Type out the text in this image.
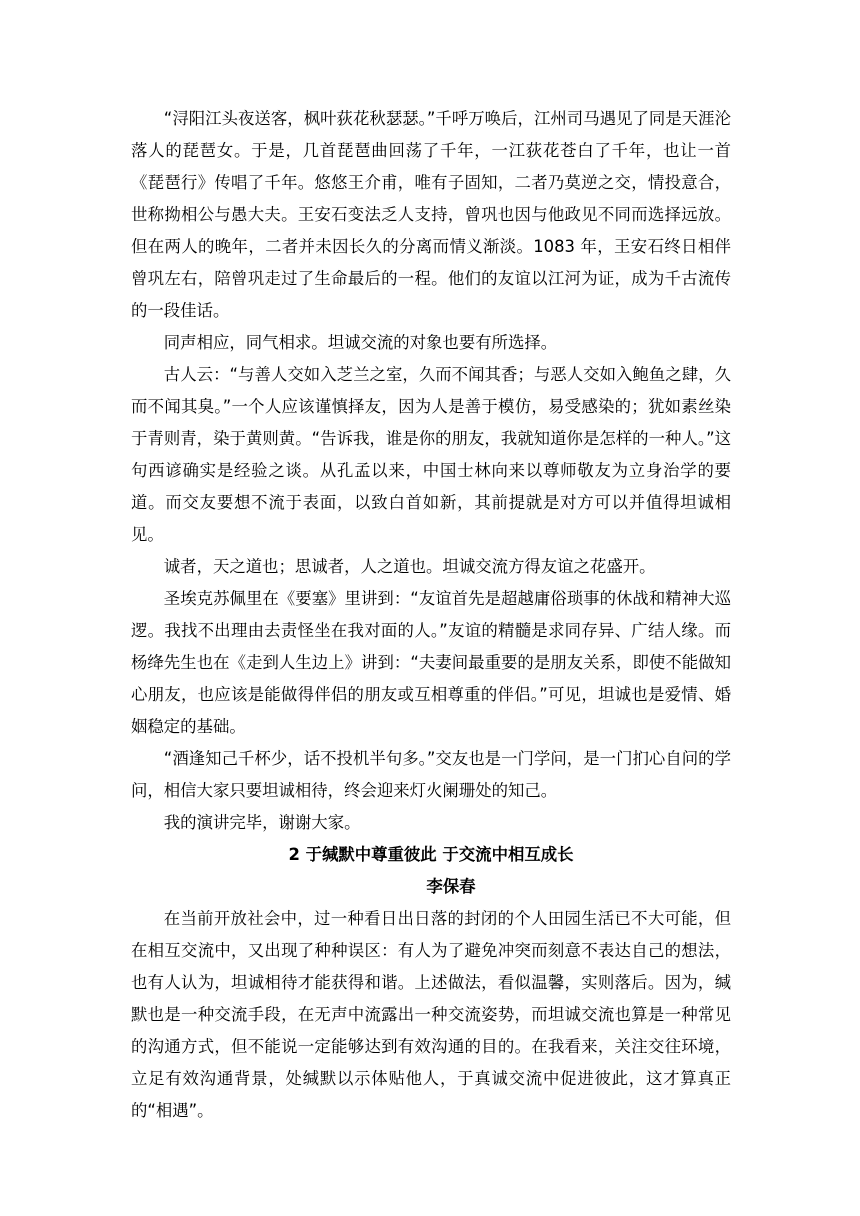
“浔阳江头夜送客，枫叶荻花秋瑟瑟。”千呼万唤后，江州司马遇见了同是天涯沦落人的琵琶女。于是，几首琵琶曲回荡了千年，一江荻花苍白了千年，也让一首《琵琶行》传唱了千年。悠悠王介甫，唯有子固知，二者乃莫逆之交，情投意合，世称拗相公与愚大夫。王安石变法乏人支持，曾巩也因与他政见不同而选择远放。但在两人的晚年，二者并未因长久的分离而情义渐淡。1083 年，王安石终日相伴曾巩左右，陪曾巩走过了生命最后的一程。他们的友谊以江河为证，成为千古流传的一段佳话。

同声相应，同气相求。坦诚交流的对象也要有所选择。

古人云：“与善人交如入芝兰之室，久而不闻其香；与恶人交如入鲍鱼之肆，久而不闻其臭。”一个人应该谨慎择友，因为人是善于模仿，易受感染的；犹如素丝染于青则青，染于黄则黄。“告诉我，谁是你的朋友，我就知道你是怎样的一种人。”这句西谚确实是经验之谈。从孔孟以来，中国士林向来以尊师敬友为立身治学的要道。而交友要想不流于表面，以致白首如新，其前提就是对方可以并值得坦诚相见。

诚者，天之道也；思诚者，人之道也。坦诚交流方得友谊之花盛开。

圣埃克苏佩里在《要塞》里讲到：“友谊首先是超越庸俗琐事的休战和精神大巡逻。我找不出理由去责怪坐在我对面的人。”友谊的精髓是求同存异、广结人缘。而杨绛先生也在《走到人生边上》讲到：“夫妻间最重要的是朋友关系，即使不能做知心朋友，也应该是能做得伴侣的朋友或互相尊重的伴侣。”可见，坦诚也是爱情、婚姻稳定的基础。

“酒逢知己千杯少，话不投机半句多。”交友也是一门学问，是一门扪心自问的学问，相信大家只要坦诚相待，终会迎来灯火阑珊处的知己。

我的演讲完毕，谢谢大家。

2 于缄默中尊重彼此 于交流中相互成长
李保春

在当前开放社会中，过一种看日出日落的封闭的个人田园生活已不大可能，但在相互交流中，又出现了种种误区：有人为了避免冲突而刻意不表达自己的想法，也有人认为，坦诚相待才能获得和谐。上述做法，看似温馨，实则落后。因为，缄默也是一种交流手段，在无声中流露出一种交流姿势，而坦诚交流也算是一种常见的沟通方式，但不能说一定能够达到有效沟通的目的。在我看来，关注交往环境，立足有效沟通背景，处缄默以示体贴他人，于真诚交流中促进彼此，这才算真正的“相遇”。
